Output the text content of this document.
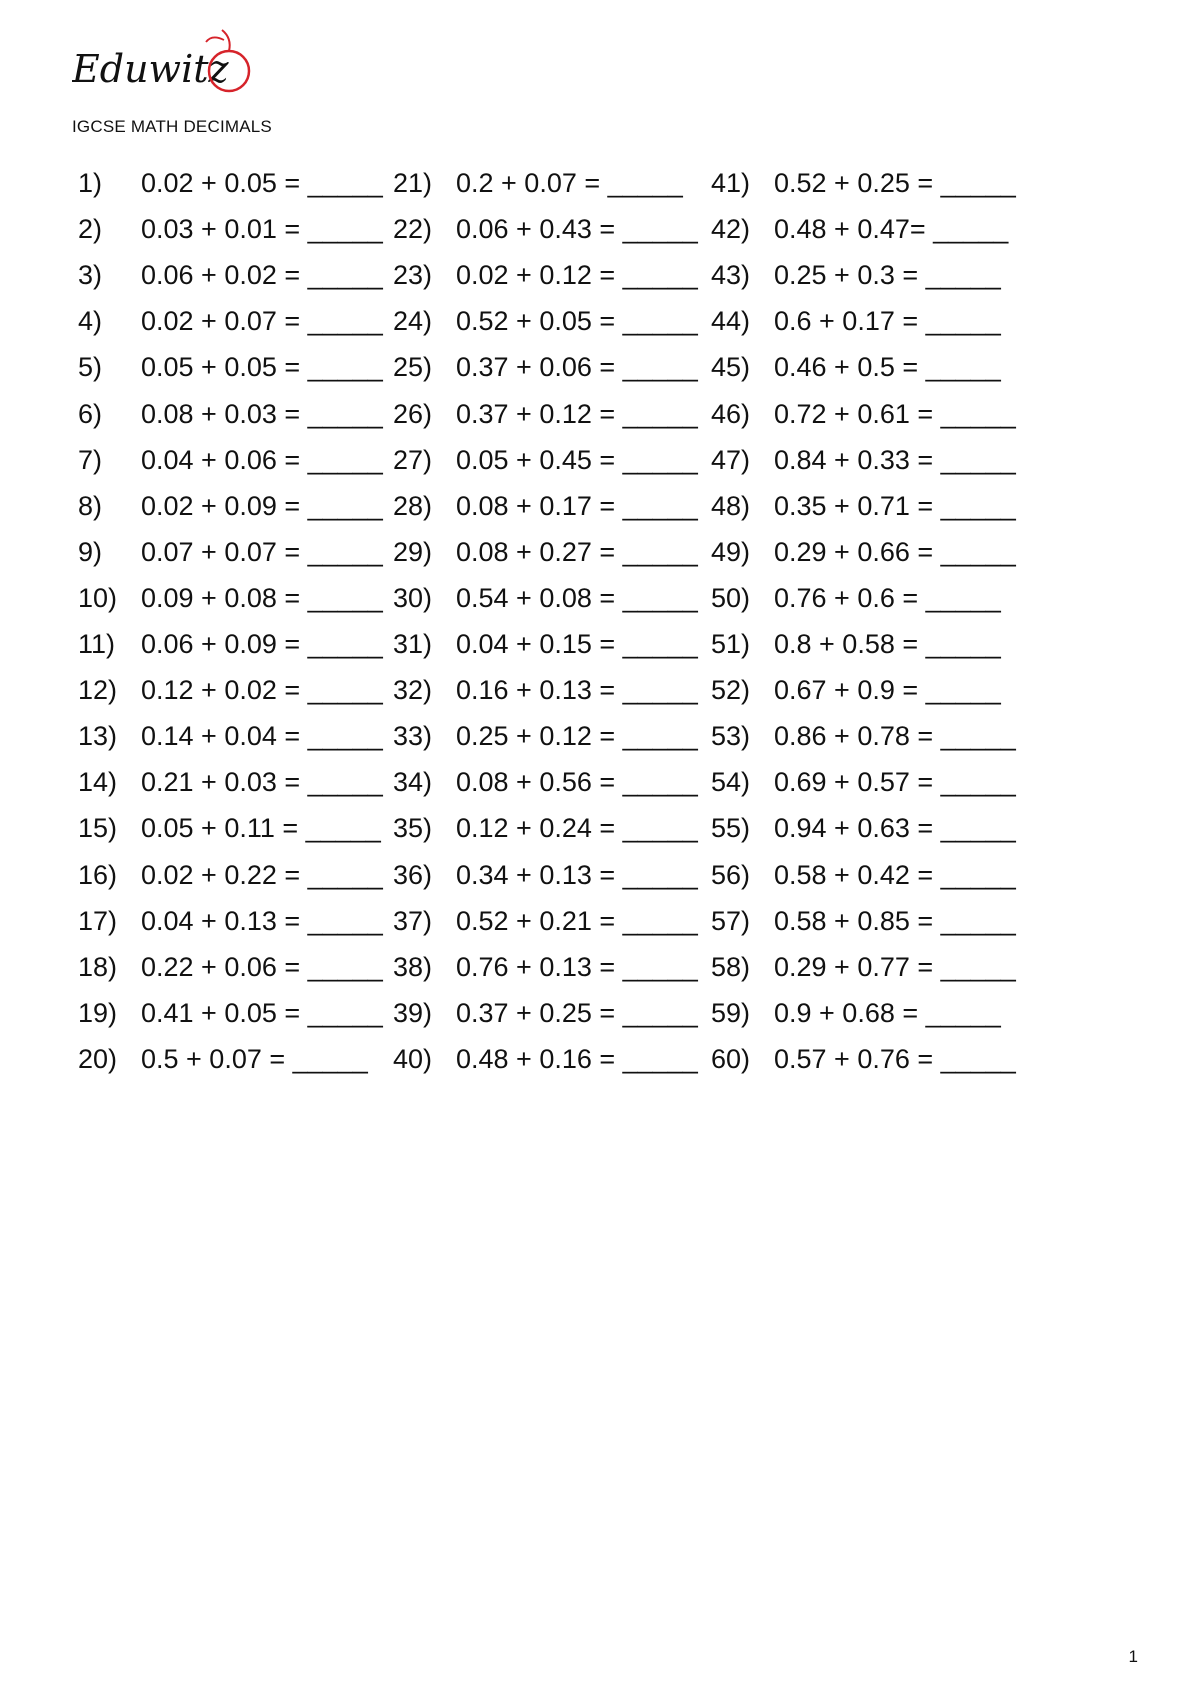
Eduwitz
IGCSE MATH DECIMALS
1)	0.02 + 0.05 = _____
2)	0.03 + 0.01 = _____
3)	0.06 + 0.02 = _____
4)	0.02 + 0.07 = _____
5)	0.05 + 0.05 = _____
6)	0.08 + 0.03 = _____
7)	0.04 + 0.06 = _____
8)	0.02 + 0.09 = _____
9)	0.07 + 0.07 = _____
10) 0.09 + 0.08 = _____
11) 0.06 + 0.09 = _____
12) 0.12 + 0.02 = _____
13) 0.14 + 0.04 = _____
14) 0.21 + 0.03 = _____
15) 0.05 + 0.11 = _____
16) 0.02 + 0.22 = _____
17) 0.04 + 0.13 = _____
18) 0.22 + 0.06 = _____
19) 0.41 + 0.05 = _____
20) 0.5 + 0.07 = _____
21) 0.2 + 0.07 = _____
22) 0.06 + 0.43 = _____
23) 0.02 + 0.12 = _____
24) 0.52 + 0.05 = _____
25) 0.37 + 0.06 = _____
26) 0.37 + 0.12 = _____
27) 0.05 + 0.45 = _____
28) 0.08 + 0.17 = _____
29) 0.08 + 0.27 = _____
30) 0.54 + 0.08 = _____
31) 0.04 + 0.15 = _____
32) 0.16 + 0.13 = _____
33) 0.25 + 0.12 = _____
34) 0.08 + 0.56 = _____
35) 0.12 + 0.24 = _____
36) 0.34 + 0.13 = _____
37) 0.52 + 0.21 = _____
38) 0.76 + 0.13 = _____
39) 0.37 + 0.25 = _____
40) 0.48 + 0.16 = _____
41) 0.52 + 0.25 = _____
42) 0.48 + 0.47= _____
43) 0.25 + 0.3 = _____
44) 0.6 + 0.17 = _____
45) 0.46 + 0.5 = _____
46) 0.72 + 0.61 = _____
47) 0.84 + 0.33 = _____
48) 0.35 + 0.71 = _____
49) 0.29 + 0.66 = _____
50) 0.76 + 0.6 = _____
51) 0.8 + 0.58 = _____
52) 0.67 + 0.9 = _____
53) 0.86 + 0.78 = _____
54) 0.69 + 0.57 = _____
55) 0.94 + 0.63 = _____
56) 0.58 + 0.42 = _____
57) 0.58 + 0.85 = _____
58) 0.29 + 0.77 = _____
59) 0.9 + 0.68 = _____
60) 0.57 + 0.76 = _____
1
